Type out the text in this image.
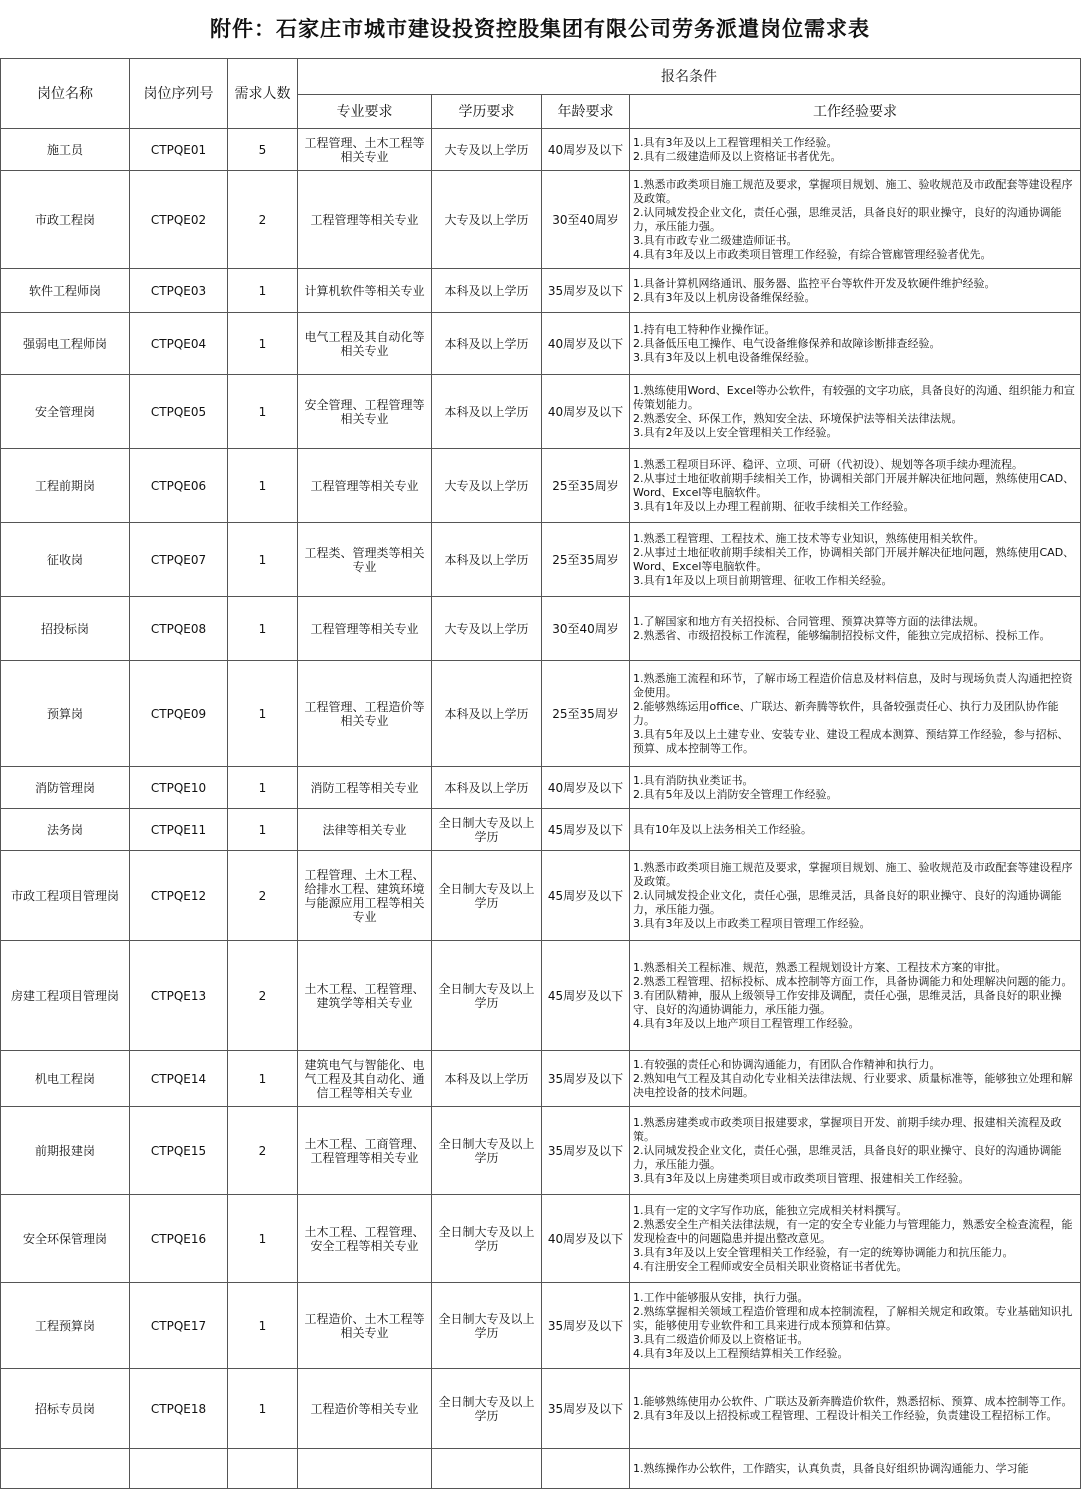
附件：石家庄市城市建设投资控股集团有限公司劳务派遣岗位需求表
岗位名称	岗位序列号	需求人数	报名条件			
			专业要求	学历要求	年龄要求	工作经验要求
施工员	CTPQE01	5	工程管理、土木工程等相关专业	大专及以上学历	40周岁及以下	1.具有3年及以上工程管理相关工作经验。
2.具有二级建造师及以上资格证书者优先。

市政工程岗	CTPQE02	2	工程管理等相关专业	大专及以上学历	30至40周岁	1.熟悉市政类项目施工规范及要求，掌握项目规划、施工、验收规范及市政配套等建设程序及政策。
2.认同城发投企业文化，责任心强，思维灵活，具备良好的职业操守，良好的沟通协调能力，承压能力强。
3.具有市政专业二级建造师证书。
4.具有3年及以上市政类项目管理工作经验，有综合管廊管理经验者优先。

软件工程师岗	CTPQE03	1	计算机软件等相关专业	本科及以上学历	35周岁及以下	1.具备计算机网络通讯、服务器、监控平台等软件开发及软硬件维护经验。
2.具有3年及以上机房设备维保经验。

强弱电工程师岗	CTPQE04	1	电气工程及其自动化等相关专业	本科及以上学历	40周岁及以下	1.持有电工特种作业操作证。
2.具备低压电工操作、电气设备维修保养和故障诊断排查经验。
3.具有3年及以上机电设备维保经验。

安全管理岗	CTPQE05	1	安全管理、工程管理等相关专业	本科及以上学历	40周岁及以下	1.熟练使用Word、Excel等办公软件，有较强的文字功底，具备良好的沟通、组织能力和宣传策划能力。
2.熟悉安全、环保工作，熟知安全法、环境保护法等相关法律法规。
3.具有2年及以上安全管理相关工作经验。

工程前期岗	CTPQE06	1	工程管理等相关专业	大专及以上学历	25至35周岁	1.熟悉工程项目环评、稳评、立项、可研（代初设）、规划等各项手续办理流程。
2.从事过土地征收前期手续相关工作，协调相关部门开展并解决征地问题，熟练使用CAD、Word、Excel等电脑软件。
3.具有1年及以上办理工程前期、征收手续相关工作经验。

征收岗	CTPQE07	1	工程类、管理类等相关专业	本科及以上学历	25至35周岁	1.熟悉工程管理、工程技术、施工技术等专业知识，熟练使用相关软件。
2.从事过土地征收前期手续相关工作，协调相关部门开展并解决征地问题，熟练使用CAD、Word、Excel等电脑软件。
3.具有1年及以上项目前期管理、征收工作相关经验。

招投标岗	CTPQE08	1	工程管理等相关专业	大专及以上学历	30至40周岁	1.了解国家和地方有关招投标、合同管理、预算决算等方面的法律法规。
2.熟悉省、市级招投标工作流程，能够编制招投标文件，能独立完成招标、投标工作。

预算岗	CTPQE09	1	工程管理、工程造价等相关专业	本科及以上学历	25至35周岁	1.熟悉施工流程和环节，了解市场工程造价信息及材料信息，及时与现场负责人沟通把控资金使用。
2.能够熟练运用office、广联达、新奔腾等软件，具备较强责任心、执行力及团队协作能力。
3.具有5年及以上土建专业、安装专业、建设工程成本测算、预结算工作经验，参与招标、预算、成本控制等工作。

消防管理岗	CTPQE10	1	消防工程等相关专业	本科及以上学历	40周岁及以下	1.具有消防执业类证书。
2.具有5年及以上消防安全管理工作经验。

法务岗	CTPQE11	1	法律等相关专业	全日制大专及以上学历	45周岁及以下	具有10年及以上法务相关工作经验。

市政工程项目管理岗	CTPQE12	2	工程管理、土木工程、给排水工程、建筑环境与能源应用工程等相关专业	全日制大专及以上学历	45周岁及以下	1.熟悉市政类项目施工规范及要求，掌握项目规划、施工、验收规范及市政配套等建设程序及政策。
2.认同城发投企业文化，责任心强，思维灵活，具备良好的职业操守、良好的沟通协调能力，承压能力强。
3.具有3年及以上市政类工程项目管理工作经验。

房建工程项目管理岗	CTPQE13	2	土木工程、工程管理、建筑学等相关专业	全日制大专及以上学历	45周岁及以下	1.熟悉相关工程标准、规范，熟悉工程规划设计方案、工程技术方案的审批。
2.熟悉工程管理、招标投标、成本控制等方面工作，具备协调能力和处理解决问题的能力。
3.有团队精神，服从上级领导工作安排及调配，责任心强，思维灵活，具备良好的职业操守、良好的沟通协调能力，承压能力强。
4.具有3年及以上地产项目工程管理工作经验。

机电工程岗	CTPQE14	1	建筑电气与智能化、电气工程及其自动化、通信工程等相关专业	本科及以上学历	35周岁及以下	1.有较强的责任心和协调沟通能力，有团队合作精神和执行力。
2.熟知电气工程及其自动化专业相关法律法规、行业要求、质量标准等，能够独立处理和解决电控设备的技术问题。

前期报建岗	CTPQE15	2	土木工程、工商管理、工程管理等相关专业	全日制大专及以上学历	35周岁及以下	1.熟悉房建类或市政类项目报建要求，掌握项目开发、前期手续办理、报建相关流程及政策。
2.认同城发投企业文化，责任心强，思维灵活，具备良好的职业操守、良好的沟通协调能力，承压能力强。
3.具有3年及以上房建类项目或市政类项目管理、报建相关工作经验。

安全环保管理岗	CTPQE16	1	土木工程、工程管理、安全工程等相关专业	全日制大专及以上学历	40周岁及以下	1.具有一定的文字写作功底，能独立完成相关材料撰写。
2.熟悉安全生产相关法律法规，有一定的安全专业能力与管理能力，熟悉安全检查流程，能发现检查中的问题隐患并提出整改意见。
3.具有3年及以上安全管理相关工作经验，有一定的统筹协调能力和抗压能力。
4.有注册安全工程师或安全员相关职业资格证书者优先。

工程预算岗	CTPQE17	1	工程造价、土木工程等相关专业	全日制大专及以上学历	35周岁及以下	1.工作中能够服从安排，执行力强。
2.熟练掌握相关领域工程造价管理和成本控制流程，了解相关规定和政策。专业基础知识扎实，能够使用专业软件和工具来进行成本预算和估算。
3.具有二级造价师及以上资格证书。
4.具有3年及以上工程预结算相关工作经验。

招标专员岗	CTPQE18	1	工程造价等相关专业	全日制大专及以上学历	35周岁及以下	1.能够熟练使用办公软件、广联达及新奔腾造价软件，熟悉招标、预算、成本控制等工作。
2.具有3年及以上招投标或工程管理、工程设计相关工作经验，负责建设工程招标工作。

						1.熟练操作办公软件，工作踏实，认真负责，具备良好组织协调沟通能力、学习能
